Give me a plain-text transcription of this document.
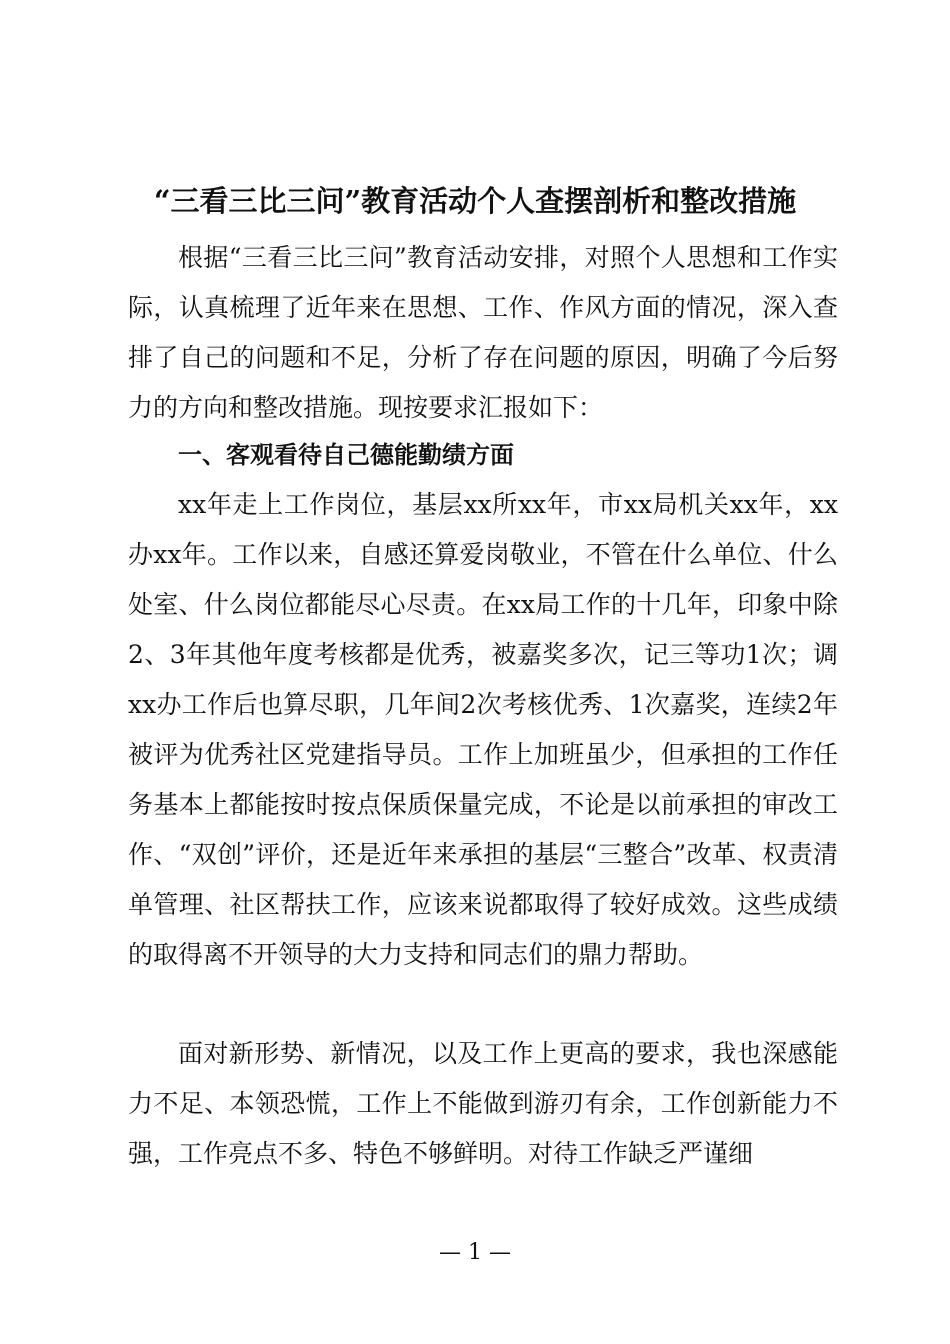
“三看三比三问”教育活动个人查摆剖析和整改措施

根据“三看三比三问”教育活动安排，对照个人思想和工作实际，认真梳理了近年来在思想、工作、作风方面的情况，深入查排了自己的问题和不足，分析了存在问题的原因，明确了今后努力的方向和整改措施。现按要求汇报如下：

一、客观看待自己德能勤绩方面

xx年走上工作岗位，基层xx所xx年，市xx局机关xx年，xx办xx年。工作以来，自感还算爱岗敬业，不管在什么单位、什么处室、什么岗位都能尽心尽责。在xx局工作的十几年，印象中除2、3年其他年度考核都是优秀，被嘉奖多次，记三等功1次；调xx办工作后也算尽职，几年间2次考核优秀、1次嘉奖，连续2年被评为优秀社区党建指导员。工作上加班虽少，但承担的工作任务基本上都能按时按点保质保量完成，不论是以前承担的审改工作、“双创”评价，还是近年来承担的基层“三整合”改革、权责清单管理、社区帮扶工作，应该来说都取得了较好成效。这些成绩的取得离不开领导的大力支持和同志们的鼎力帮助。

面对新形势、新情况，以及工作上更高的要求，我也深感能力不足、本领恐慌，工作上不能做到游刃有余，工作创新能力不强，工作亮点不多、特色不够鲜明。对待工作缺乏严谨细

— 1 —
